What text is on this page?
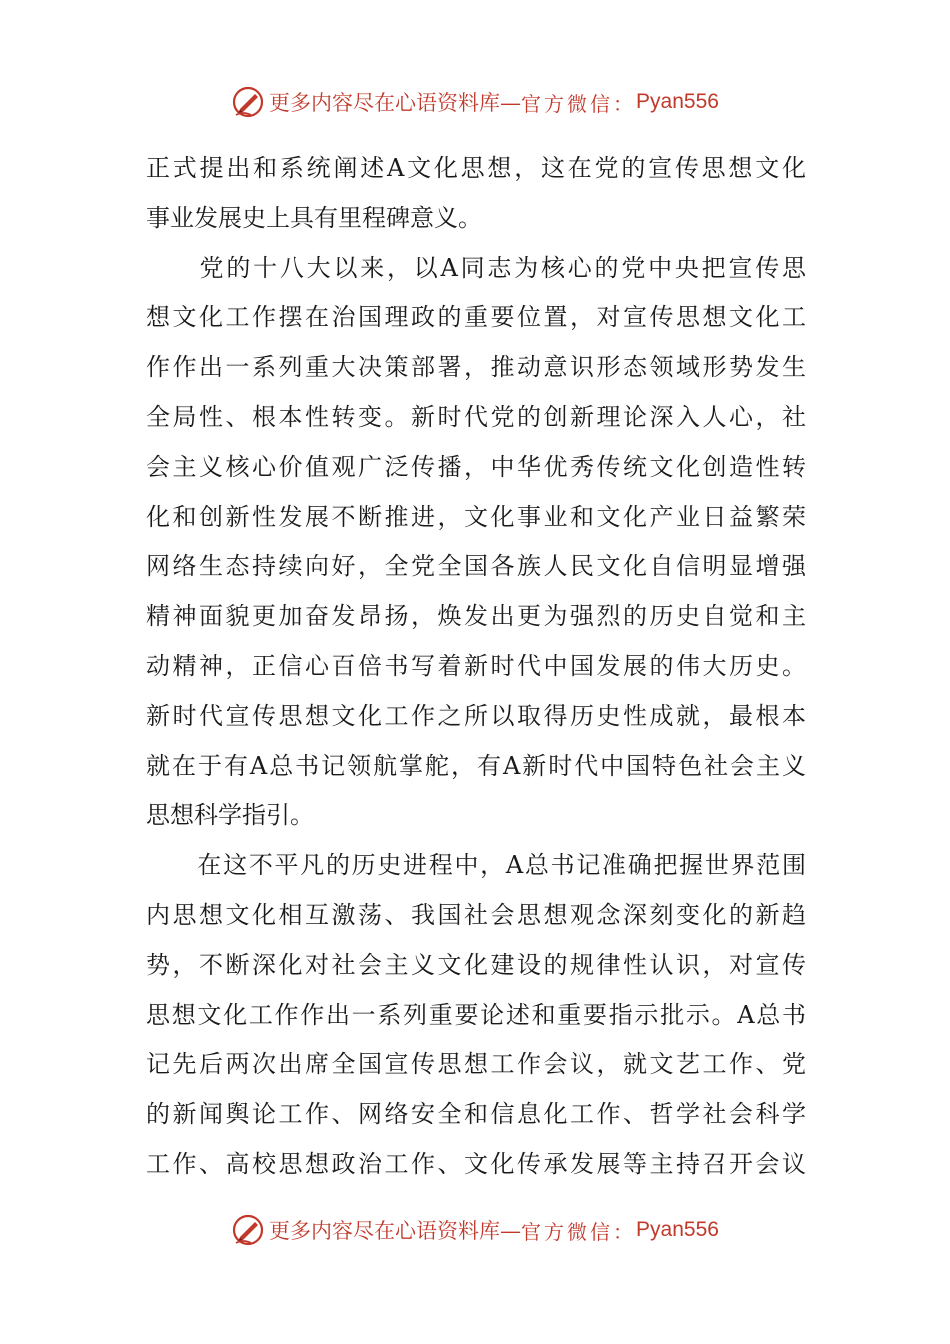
更多内容尽在心语资料库— 官方微信： Pyan556
正式提出和系统阐述A文化思想，这在党的宣传思想文化
事业发展史上具有里程碑意义。
　　党的十八大以来，以A同志为核心的党中央把宣传思
想文化工作摆在治国理政的重要位置，对宣传思想文化工
作作出一系列重大决策部署，推动意识形态领域形势发生
全局性、根本性转变。新时代党的创新理论深入人心，社
会主义核心价值观广泛传播，中华优秀传统文化创造性转
化和创新性发展不断推进，文化事业和文化产业日益繁荣
网络生态持续向好，全党全国各族人民文化自信明显增强
精神面貌更加奋发昂扬，焕发出更为强烈的历史自觉和主
动精神，正信心百倍书写着新时代中国发展的伟大历史。
新时代宣传思想文化工作之所以取得历史性成就，最根本
就在于有A总书记领航掌舵，有A新时代中国特色社会主义
思想科学指引。
　　在这不平凡的历史进程中，A总书记准确把握世界范围
内思想文化相互激荡、我国社会思想观念深刻变化的新趋
势，不断深化对社会主义文化建设的规律性认识，对宣传
思想文化工作作出一系列重要论述和重要指示批示。A总书
记先后两次出席全国宣传思想工作会议，就文艺工作、党
的新闻舆论工作、网络安全和信息化工作、哲学社会科学
工作、高校思想政治工作、文化传承发展等主持召开会议
更多内容尽在心语资料库— 官方微信： Pyan556
